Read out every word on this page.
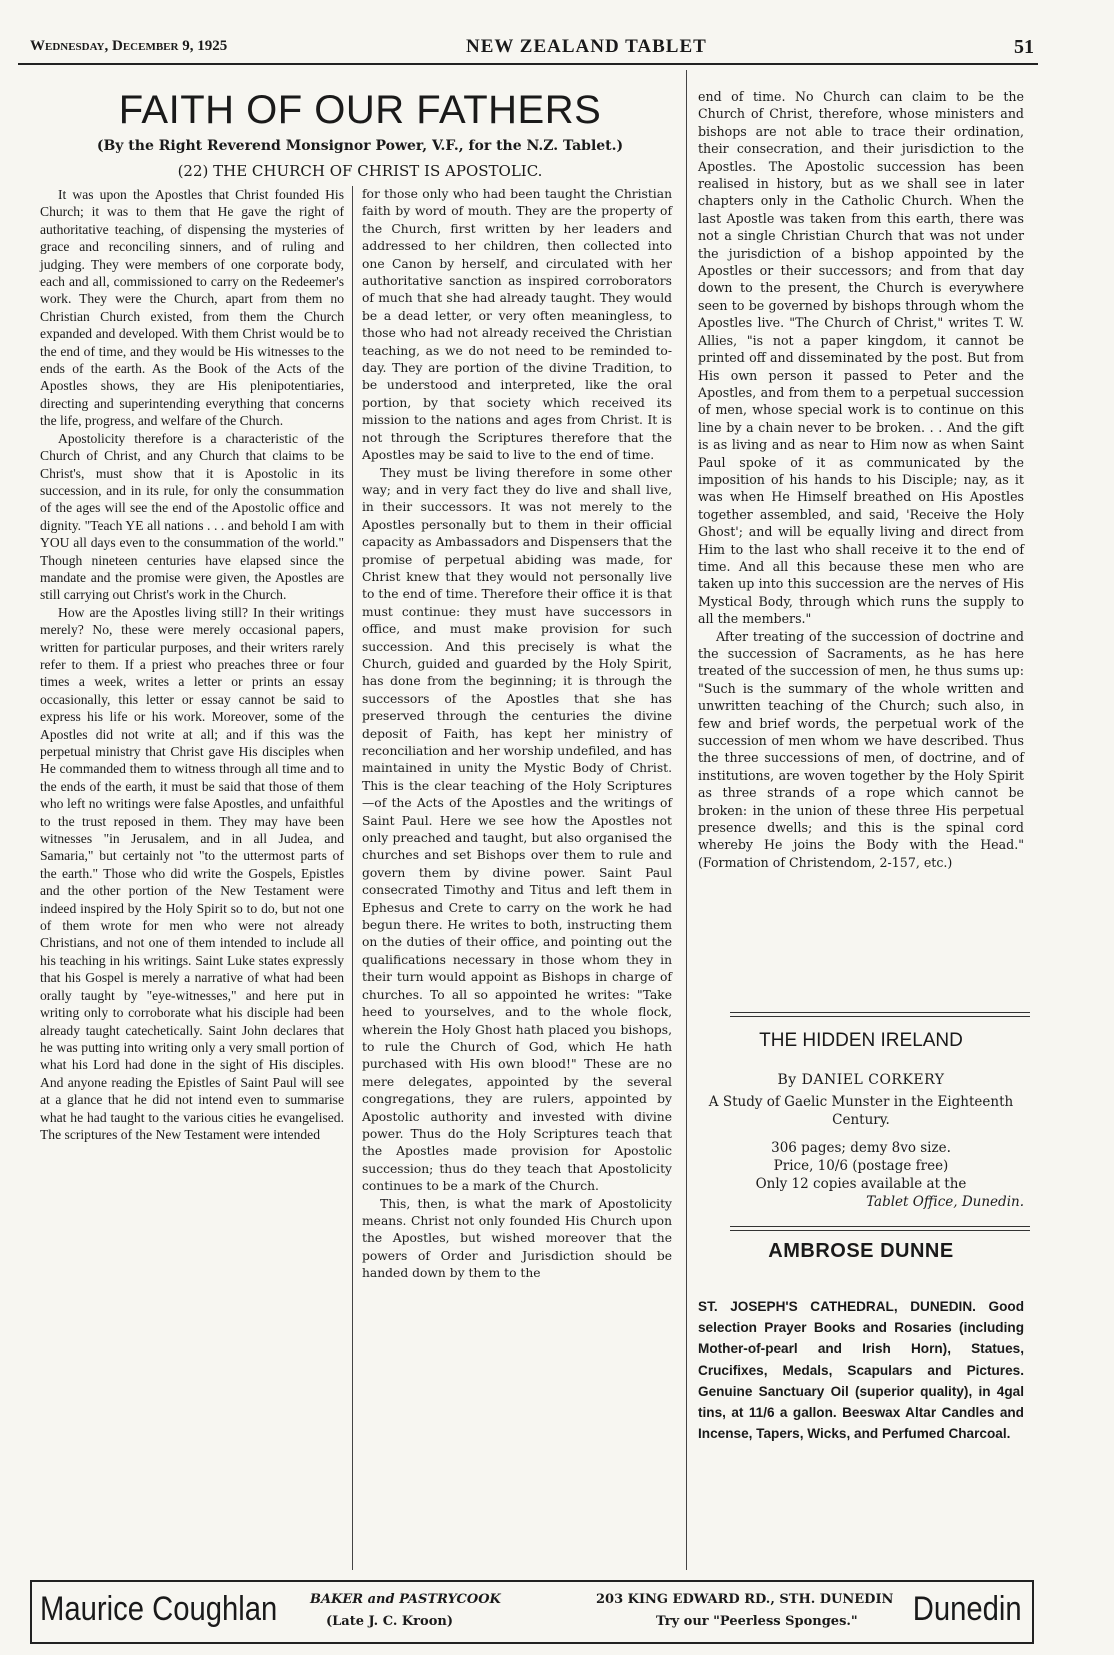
Wednesday, December 9, 1925	NEW ZEALAND TABLET	51
FAITH OF OUR FATHERS
(By the Right Reverend Monsignor Power, V.F., for the N.Z. Tablet.)
(22) THE CHURCH OF CHRIST IS APOSTOLIC.

It was upon the Apostles that Christ founded His Church; it was to them that He gave the right of authoritative teaching, of dispensing the mysteries of grace and reconciling sinners, and of ruling and judging. They were members of one corporate body, each and all, commissioned to carry on the Redeemer's work. They were the Church, apart from them no Christian Church existed, from them the Church expanded and developed. With them Christ would be to the end of time, and they would be His witnesses to the ends of the earth. As the Book of the Acts of the Apostles shows, they are His plenipotentiaries, directing and superintending everything that concerns the life, progress, and welfare of the Church.

Apostolicity therefore is a characteristic of the Church of Christ, and any Church that claims to be Christ's, must show that it is Apostolic in its succession, and in its rule, for only the consummation of the ages will see the end of the Apostolic office and dignity. "Teach YE all nations . . . and behold I am with YOU all days even to the consummation of the world." Though nineteen centuries have elapsed since the mandate and the promise were given, the Apostles are still carrying out Christ's work in the Church.

How are the Apostles living still? In their writings merely? No, these were merely occasional papers, written for particular purposes, and their writers rarely refer to them. If a priest who preaches three or four times a week, writes a letter or prints an essay occasionally, this letter or essay cannot be said to express his life or his work. Moreover, some of the Apostles did not write at all; and if this was the perpetual ministry that Christ gave His disciples when He commanded them to witness through all time and to the ends of the earth, it must be said that those of them who left no writings were false Apostles, and unfaithful to the trust reposed in them. They may have been witnesses "in Jerusalem, and in all Judea, and Samaria," but certainly not "to the uttermost parts of the earth." Those who did write the Gospels, Epistles and the other portion of the New Testament were indeed inspired by the Holy Spirit so to do, but not one of them wrote for men who were not already Christians, and not one of them intended to include all his teaching in his writings. Saint Luke states expressly that his Gospel is merely a narrative of what had been orally taught by "eye-witnesses," and here put in writing only to corroborate what his disciple had been already taught catechetically. Saint John declares that he was putting into writing only a very small portion of what his Lord had done in the sight of His disciples. And anyone reading the Epistles of Saint Paul will see at a glance that he did not intend even to summarise what he had taught to the various cities he evangelised. The scriptures of the New Testament were intended

for those only who had been taught the Christian faith by word of mouth. They are the property of the Church, first written by her leaders and addressed to her children, then collected into one Canon by herself, and circulated with her authoritative sanction as inspired corroborators of much that she had already taught. They would be a dead letter, or very often meaningless, to those who had not already received the Christian teaching, as we do not need to be reminded to-day. They are portion of the divine Tradition, to be understood and interpreted, like the oral portion, by that society which received its mission to the nations and ages from Christ. It is not through the Scriptures therefore that the Apostles may be said to live to the end of time.

They must be living therefore in some other way; and in very fact they do live and shall live, in their successors. It was not merely to the Apostles personally but to them in their official capacity as Ambassadors and Dispensers that the promise of perpetual abiding was made, for Christ knew that they would not personally live to the end of time. Therefore their office it is that must continue: they must have successors in office, and must make provision for such succession. And this precisely is what the Church, guided and guarded by the Holy Spirit, has done from the beginning; it is through the successors of the Apostles that she has preserved through the centuries the divine deposit of Faith, has kept her ministry of reconciliation and her worship undefiled, and has maintained in unity the Mystic Body of Christ. This is the clear teaching of the Holy Scriptures—of the Acts of the Apostles and the writings of Saint Paul. Here we see how the Apostles not only preached and taught, but also organised the churches and set Bishops over them to rule and govern them by divine power. Saint Paul consecrated Timothy and Titus and left them in Ephesus and Crete to carry on the work he had begun there. He writes to both, instructing them on the duties of their office, and pointing out the qualifications necessary in those whom they in their turn would appoint as Bishops in charge of churches. To all so appointed he writes: "Take heed to yourselves, and to the whole flock, wherein the Holy Ghost hath placed you bishops, to rule the Church of God, which He hath purchased with His own blood!" These are no mere delegates, appointed by the several congregations, they are rulers, appointed by Apostolic authority and invested with divine power. Thus do the Holy Scriptures teach that the Apostles made provision for Apostolic succession; thus do they teach that Apostolicity continues to be a mark of the Church.

This, then, is what the mark of Apostolicity means. Christ not only founded His Church upon the Apostles, but wished moreover that the powers of Order and Jurisdiction should be handed down by them to the

end of time. No Church can claim to be the Church of Christ, therefore, whose ministers and bishops are not able to trace their ordination, their consecration, and their jurisdiction to the Apostles. The Apostolic succession has been realised in history, but as we shall see in later chapters only in the Catholic Church. When the last Apostle was taken from this earth, there was not a single Christian Church that was not under the jurisdiction of a bishop appointed by the Apostles or their successors; and from that day down to the present, the Church is everywhere seen to be governed by bishops through whom the Apostles live. "The Church of Christ," writes T. W. Allies, "is not a paper kingdom, it cannot be printed off and disseminated by the post. But from His own person it passed to Peter and the Apostles, and from them to a perpetual succession of men, whose special work is to continue on this line by a chain never to be broken. . . And the gift is as living and as near to Him now as when Saint Paul spoke of it as communicated by the imposition of his hands to his Disciple; nay, as it was when He Himself breathed on His Apostles together assembled, and said, 'Receive the Holy Ghost'; and will be equally living and direct from Him to the last who shall receive it to the end of time. And all this because these men who are taken up into this succession are the nerves of His Mystical Body, through which runs the supply to all the members."

After treating of the succession of doctrine and the succession of Sacraments, as he has here treated of the succession of men, he thus sums up: "Such is the summary of the whole written and unwritten teaching of the Church; such also, in few and brief words, the perpetual work of the succession of men whom we have described. Thus the three successions of men, of doctrine, and of institutions, are woven together by the Holy Spirit as three strands of a rope which cannot be broken: in the union of these three His perpetual presence dwells; and this is the spinal cord whereby He joins the Body with the Head." (Formation of Christendom, 2-157, etc.)

THE HIDDEN IRELAND
By DANIEL CORKERY
A Study of Gaelic Munster in the Eighteenth
Century.
306 pages; demy 8vo size.
Price, 10/6 (postage free)
Only 12 copies available at the
Tablet Office, Dunedin.
AMBROSE DUNNE
ST. JOSEPH'S CATHEDRAL, DUNEDIN. Good selection Prayer Books and Rosaries (including Mother-of-pearl and Irish Horn), Statues, Crucifixes, Medals, Scapulars and Pictures. Genuine Sanctuary Oil (superior quality), in 4gal tins, at 11/6 a gallon. Beeswax Altar Candles and Incense, Tapers, Wicks, and Perfumed Charcoal.
Maurice Coughlan	BAKER and PASTRYCOOK
(Late J. C. Kroon)
203 KING EDWARD RD., STH. DUNEDIN
Try our "Peerless Sponges." Dunedin
